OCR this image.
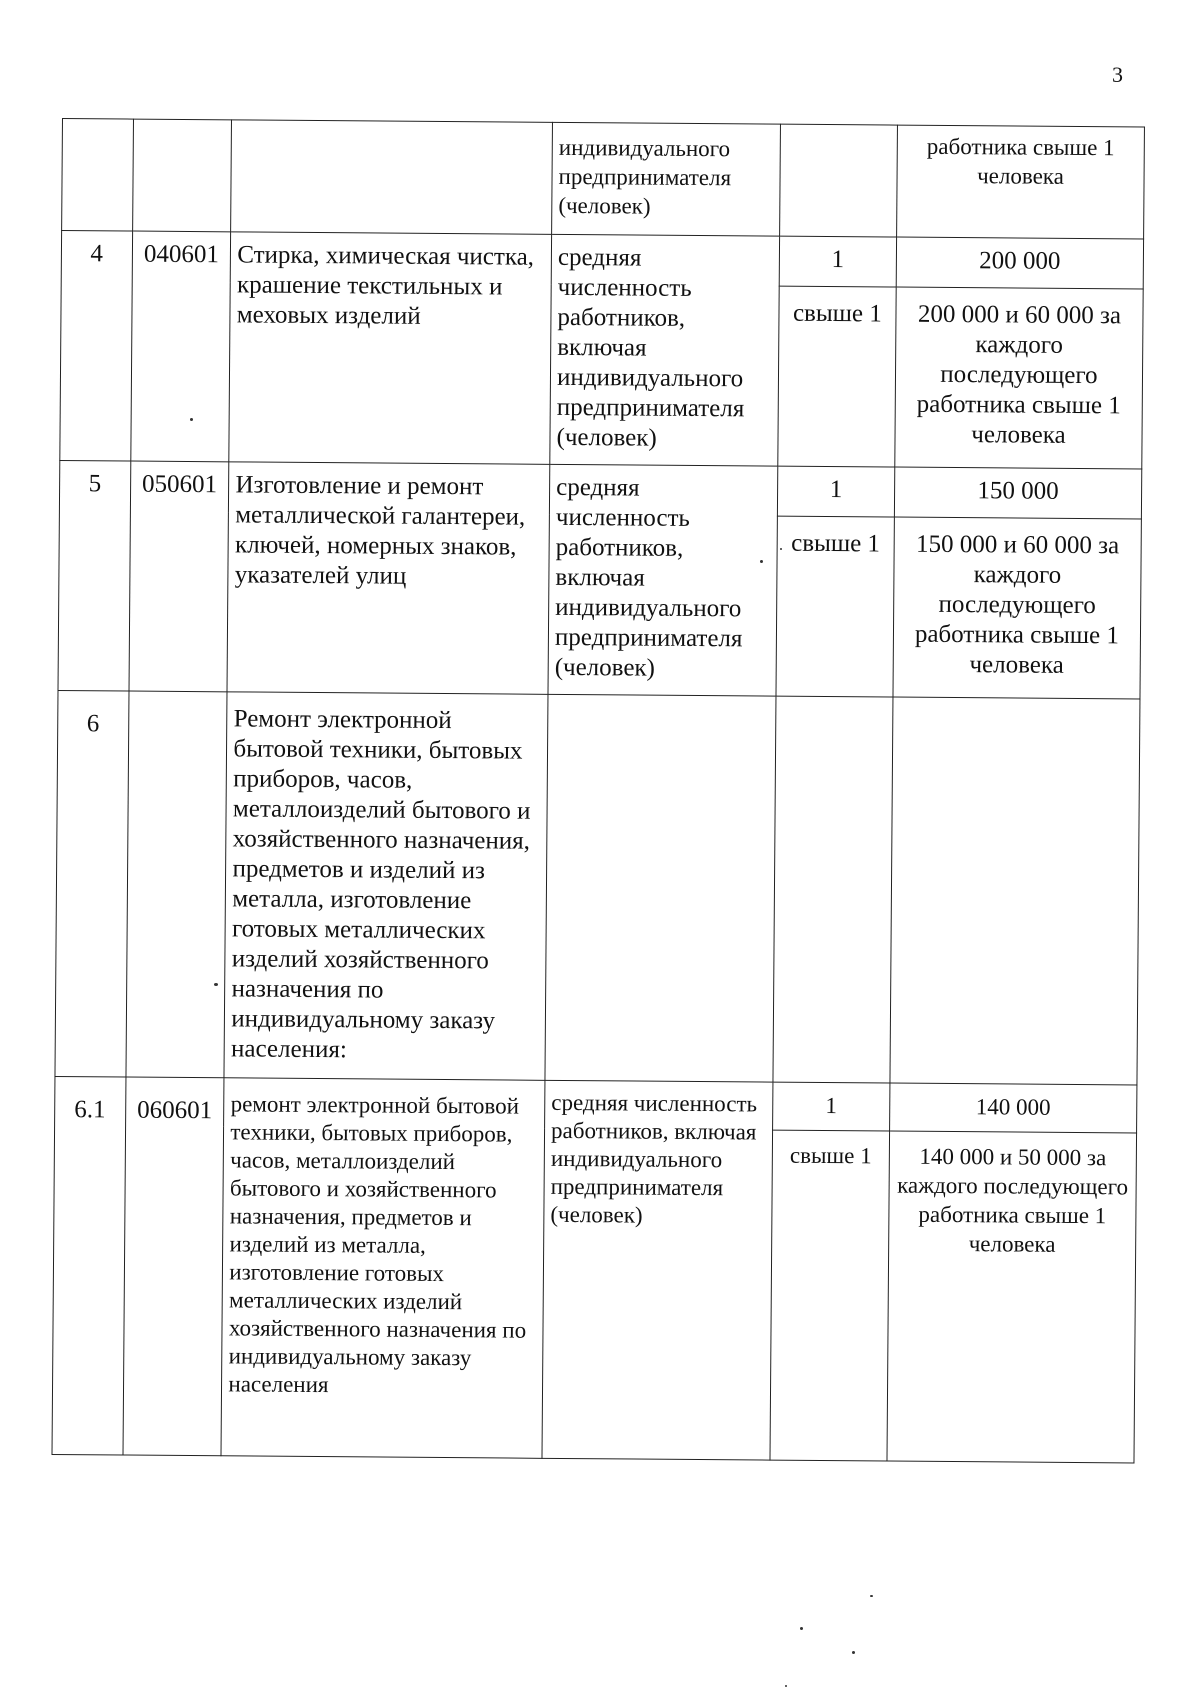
3
			индивидуального предпринимателя (человек)		работника свыше 1 человека
4	040601	Стирка, химическая чистка, крашение текстильных и меховых изделий	средняя численность работников, включая индивидуального предпринимателя (человек)	1	200 000
				свыше 1	200 000 и 60 000 за каждого последующего работника свыше 1 человека
5	050601	Изготовление и ремонт металлической галантереи, ключей, номерных знаков, указателей улиц	средняя численность работников, включая индивидуального предпринимателя (человек)	1	150 000
				свыше 1	150 000 и 60 000 за каждого последующего работника свыше 1 человека
6		Ремонт электронной бытовой техники, бытовых приборов, часов, металлоизделий бытового и хозяйственного назначения, предметов и изделий из металла, изготовление готовых металлических изделий хозяйственного назначения по индивидуальному заказу населения:			
6.1	060601	ремонт электронной бытовой техники, бытовых приборов, часов, металлоизделий бытового и хозяйственного назначения, предметов и изделий из металла, изготовление готовых металлических изделий хозяйственного назначения по индивидуальному заказу населения	средняя численность работников, включая индивидуального предпринимателя (человек)	1	140 000
				свыше 1	140 000 и 50 000 за каждого последующего работника свыше 1 человека
